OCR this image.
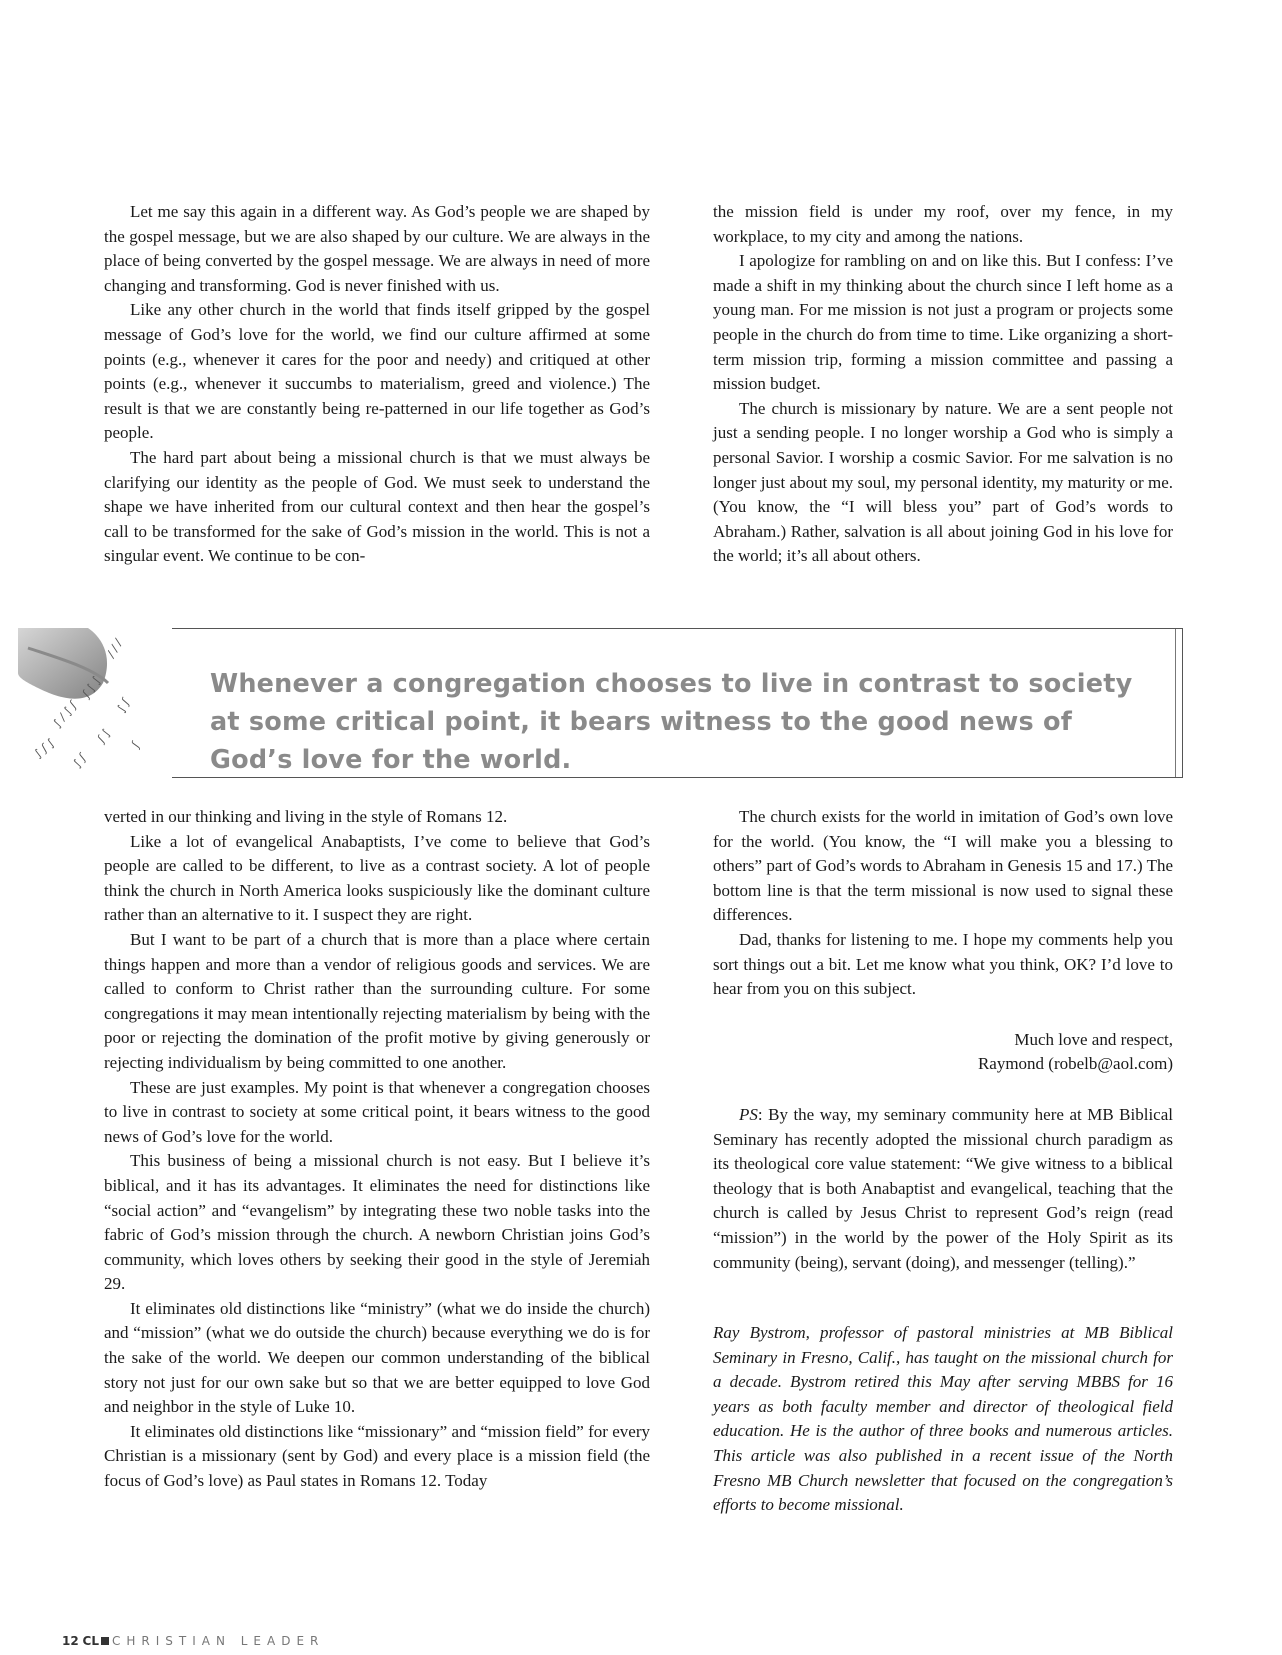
Let me say this again in a different way. As God’s people we are shaped by the gospel message, but we are also shaped by our culture. We are always in the place of being converted by the gospel message. We are always in need of more changing and transforming. God is never finished with us.

Like any other church in the world that finds itself gripped by the gospel message of God’s love for the world, we find our culture affirmed at some points (e.g., whenever it cares for the poor and needy) and critiqued at other points (e.g., whenever it succumbs to materialism, greed and violence.) The result is that we are constantly being re-patterned in our life together as God’s people.

The hard part about being a missional church is that we must always be clarifying our identity as the people of God. We must seek to understand the shape we have inherited from our cultural context and then hear the gospel’s call to be transformed for the sake of God’s mission in the world. This is not a singular event. We continue to be con-

the mission field is under my roof, over my fence, in my workplace, to my city and among the nations.

I apologize for rambling on and on like this. But I confess: I’ve made a shift in my thinking about the church since I left home as a young man. For me mission is not just a program or projects some people in the church do from time to time. Like organizing a short-term mission trip, forming a mission committee and passing a mission budget.

The church is missionary by nature. We are a sent people not just a sending people. I no longer worship a God who is simply a personal Savior. I worship a cosmic Savior. For me salvation is no longer just about my soul, my personal identity, my maturity or me. (You know, the “I will bless you” part of God’s words to Abraham.) Rather, salvation is all about joining God in his love for the world; it’s all about others.

/ / /
ʃ ∫ ∫
∫ ʃ
∫ / ∫ ʃ
ʃ ∫
∫ ʃ ∫	ʃ
∫ ʃ
Whenever a congregation chooses to live in contrast to society at some critical point, it bears witness to the good news of God’s love for the world.

verted in our thinking and living in the style of Romans 12.

Like a lot of evangelical Anabaptists, I’ve come to believe that God’s people are called to be different, to live as a contrast society. A lot of people think the church in North America looks suspiciously like the dominant culture rather than an alternative to it. I suspect they are right.

But I want to be part of a church that is more than a place where certain things happen and more than a vendor of religious goods and services. We are called to conform to Christ rather than the surrounding culture. For some congregations it may mean intentionally rejecting materialism by being with the poor or rejecting the domination of the profit motive by giving generously or rejecting individualism by being committed to one another.

These are just examples. My point is that whenever a congregation chooses to live in contrast to society at some critical point, it bears witness to the good news of God’s love for the world.

This business of being a missional church is not easy. But I believe it’s biblical, and it has its advantages. It eliminates the need for distinctions like “social action” and “evangelism” by integrating these two noble tasks into the fabric of God’s mission through the church. A newborn Christian joins God’s community, which loves others by seeking their good in the style of Jeremiah 29.

It eliminates old distinctions like “ministry” (what we do inside the church) and “mission” (what we do outside the church) because everything we do is for the sake of the world. We deepen our common understanding of the biblical story not just for our own sake but so that we are better equipped to love God and neighbor in the style of Luke 10.

It eliminates old distinctions like “missionary” and “mission field” for every Christian is a missionary (sent by God) and every place is a mission field (the focus of God’s love) as Paul states in Romans 12. Today

The church exists for the world in imitation of God’s own love for the world. (You know, the “I will make you a blessing to others” part of God’s words to Abraham in Genesis 15 and 17.) The bottom line is that the term missional is now used to signal these differences.

Dad, thanks for listening to me. I hope my comments help you sort things out a bit. Let me know what you think, OK? I’d love to hear from you on this subject.

Much love and respect,
Raymond (robelb@aol.com)

PS: By the way, my seminary community here at MB Biblical Seminary has recently adopted the missional church paradigm as its theological core value statement: “We give witness to a biblical theology that is both Anabaptist and evangelical, teaching that the church is called by Jesus Christ to represent God’s reign (read “mission”) in the world by the power of the Holy Spirit as its community (being), servant (doing), and messenger (telling).”

Ray Bystrom, professor of pastoral ministries at MB Biblical Seminary in Fresno, Calif., has taught on the missional church for a decade. Bystrom retired this May after serving MBBS for 16 years as both faculty member and director of theological field education. He is the author of three books and numerous articles. This article was also published in a recent issue of the North Fresno MB Church newsletter that focused on the congregation’s efforts to become missional.

12 CL CHRISTIAN LEADER
